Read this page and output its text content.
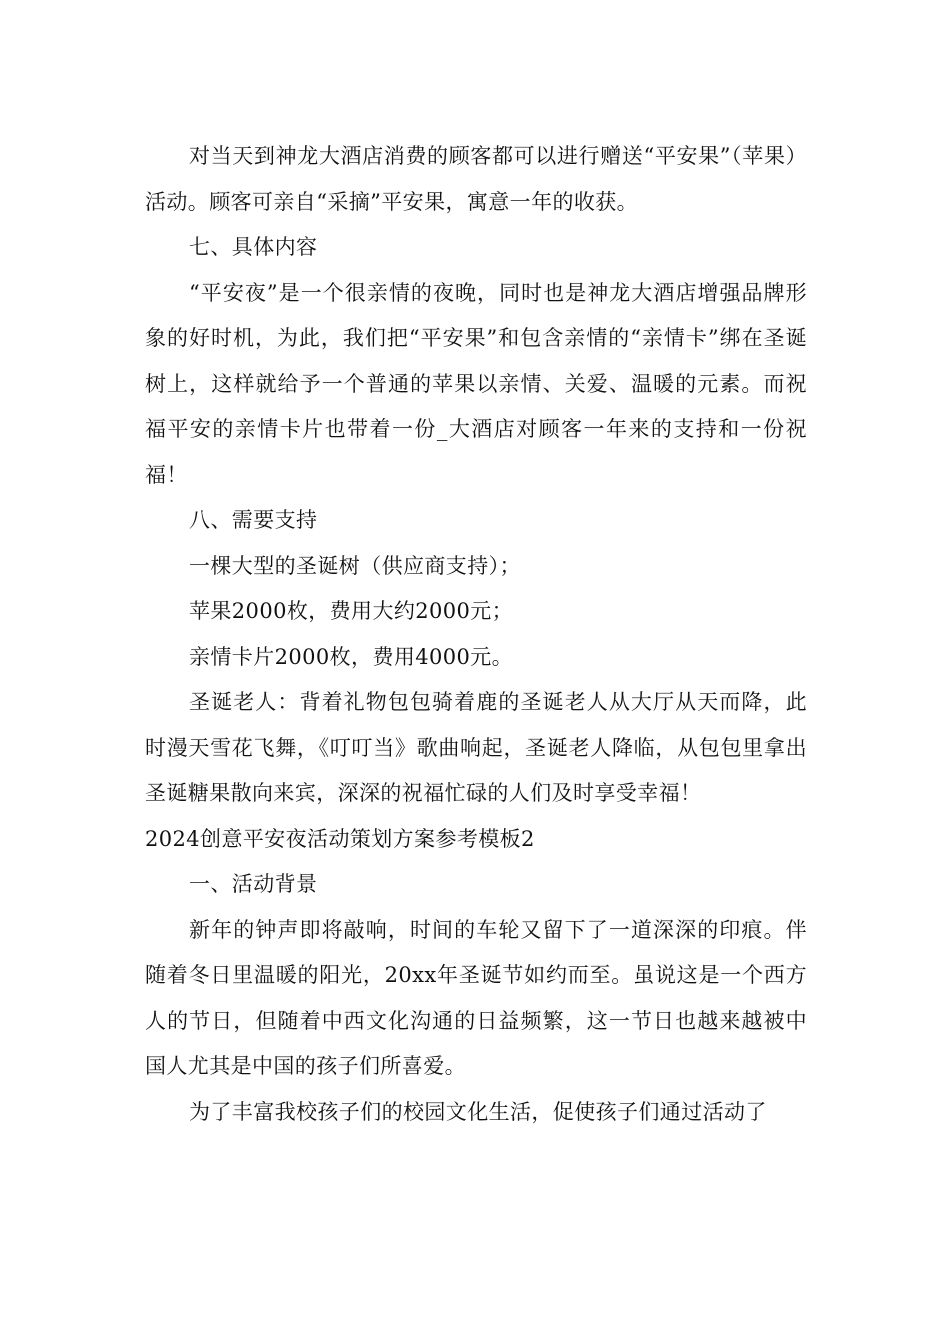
对当天到神龙大酒店消费的顾客都可以进行赠送“平安果”（苹果）活动。顾客可亲自“采摘”平安果，寓意一年的收获。

七、具体内容

“平安夜”是一个很亲情的夜晚，同时也是神龙大酒店增强品牌形象的好时机，为此，我们把“平安果”和包含亲情的“亲情卡”绑在圣诞树上，这样就给予一个普通的苹果以亲情、关爱、温暖的元素。而祝福平安的亲情卡片也带着一份_大酒店对顾客一年来的支持和一份祝福！

八、需要支持

一棵大型的圣诞树（供应商支持）；

苹果2000枚，费用大约2000元；

亲情卡片2000枚，费用4000元。

圣诞老人：背着礼物包包骑着鹿的圣诞老人从大厅从天而降，此时漫天雪花飞舞，《叮叮当》歌曲响起，圣诞老人降临，从包包里拿出圣诞糖果散向来宾，深深的祝福忙碌的人们及时享受幸福！

2024创意平安夜活动策划方案参考模板2

一、活动背景

新年的钟声即将敲响，时间的车轮又留下了一道深深的印痕。伴随着冬日里温暖的阳光，20xx年圣诞节如约而至。虽说这是一个西方人的节日，但随着中西文化沟通的日益频繁，这一节日也越来越被中国人尤其是中国的孩子们所喜爱。

为了丰富我校孩子们的校园文化生活，促使孩子们通过活动了
